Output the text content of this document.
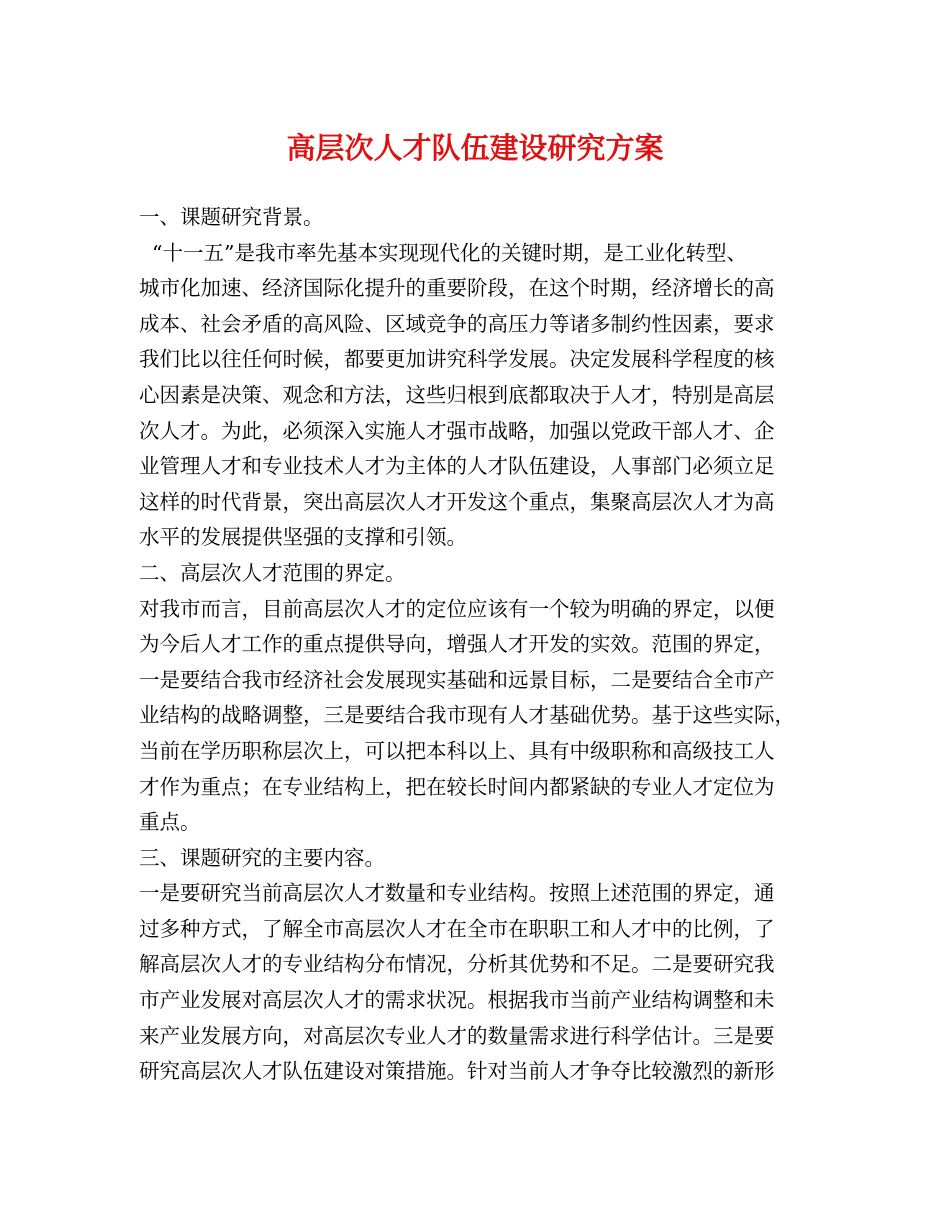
高层次人才队伍建设研究方案
一、课题研究背景。
“十一五”是我市率先基本实现现代化的关键时期，是工业化转型、
城市化加速、经济国际化提升的重要阶段，在这个时期，经济增长的高
成本、社会矛盾的高风险、区域竞争的高压力等诸多制约性因素，要求
我们比以往任何时候，都要更加讲究科学发展。决定发展科学程度的核
心因素是决策、观念和方法，这些归根到底都取决于人才，特别是高层
次人才。为此，必须深入实施人才强市战略，加强以党政干部人才、企
业管理人才和专业技术人才为主体的人才队伍建设，人事部门必须立足
这样的时代背景，突出高层次人才开发这个重点，集聚高层次人才为高
水平的发展提供坚强的支撑和引领。
二、高层次人才范围的界定。
对我市而言，目前高层次人才的定位应该有一个较为明确的界定，以便
为今后人才工作的重点提供导向，增强人才开发的实效。范围的界定，
一是要结合我市经济社会发展现实基础和远景目标，二是要结合全市产
业结构的战略调整，三是要结合我市现有人才基础优势。基于这些实际，
当前在学历职称层次上，可以把本科以上、具有中级职称和高级技工人
才作为重点；在专业结构上，把在较长时间内都紧缺的专业人才定位为
重点。
三、课题研究的主要内容。
一是要研究当前高层次人才数量和专业结构。按照上述范围的界定，通
过多种方式，了解全市高层次人才在全市在职职工和人才中的比例，了
解高层次人才的专业结构分布情况，分析其优势和不足。二是要研究我
市产业发展对高层次人才的需求状况。根据我市当前产业结构调整和未
来产业发展方向，对高层次专业人才的数量需求进行科学估计。三是要
研究高层次人才队伍建设对策措施。针对当前人才争夺比较激烈的新形
